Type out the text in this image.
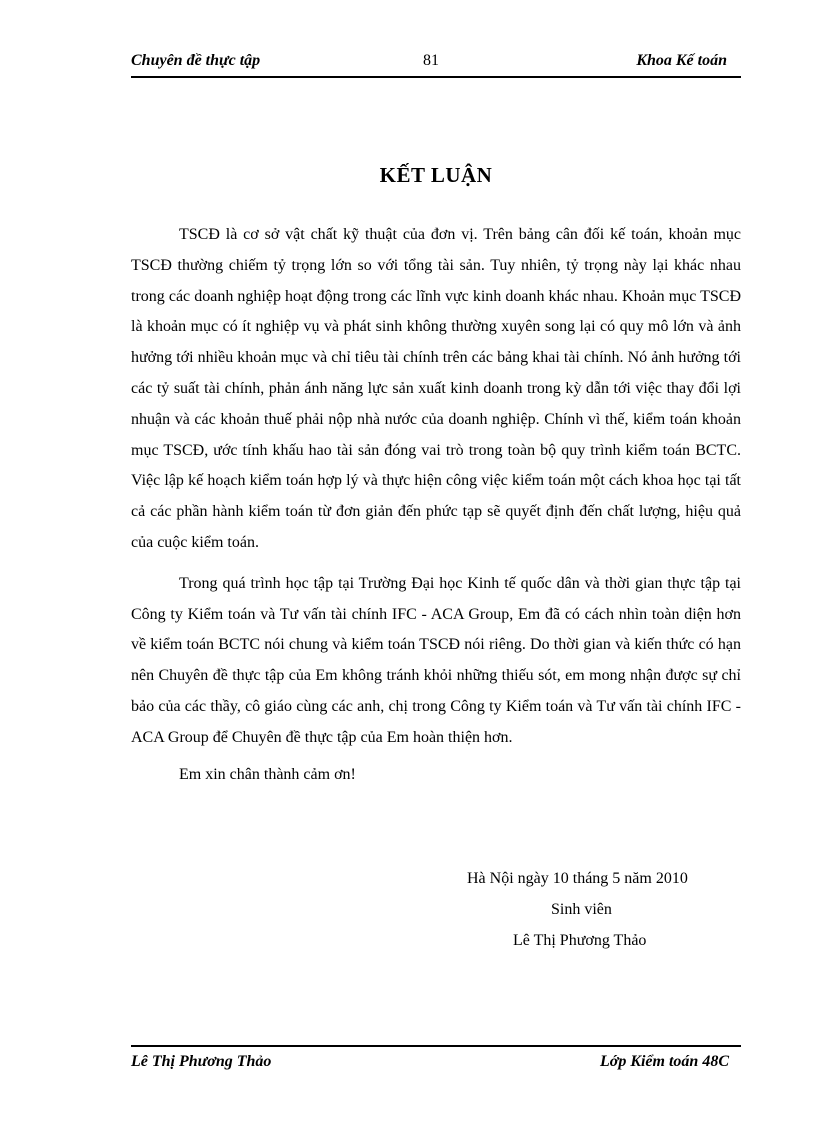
Chuyên đề thực tập	81	Khoa Kế toán
KẾT LUẬN

TSCĐ là cơ sở vật chất kỹ thuật của đơn vị. Trên bảng cân đối kế toán, khoản mục TSCĐ thường chiếm tỷ trọng lớn so với tổng tài sản. Tuy nhiên, tỷ trọng này lại khác nhau trong các doanh nghiệp hoạt động trong các lĩnh vực kinh doanh khác nhau. Khoản mục TSCĐ là khoản mục có ít nghiệp vụ và phát sinh không thường xuyên song lại có quy mô lớn và ảnh hưởng tới nhiều khoản mục và chỉ tiêu tài chính trên các bảng khai tài chính. Nó ảnh hưởng tới các tỷ suất tài chính, phản ánh năng lực sản xuất kinh doanh trong kỳ dẫn tới việc thay đổi lợi nhuận và các khoản thuế phải nộp nhà nước của doanh nghiệp. Chính vì thế, kiểm toán khoản mục TSCĐ, ước tính khấu hao tài sản đóng vai trò trong toàn bộ quy trình kiểm toán BCTC. Việc lập kế hoạch kiểm toán hợp lý và thực hiện công việc kiểm toán một cách khoa học tại tất cả các phần hành kiểm toán từ đơn giản đến phức tạp sẽ quyết định đến chất lượng, hiệu quả của cuộc kiểm toán.

Trong quá trình học tập tại Trường Đại học Kinh tế quốc dân và thời gian thực tập tại Công ty Kiểm toán và Tư vấn tài chính IFC - ACA Group, Em đã có cách nhìn toàn diện hơn về kiểm toán BCTC nói chung và kiểm toán TSCĐ nói riêng. Do thời gian và kiến thức có hạn nên Chuyên đề thực tập của Em không tránh khỏi những thiếu sót, em mong nhận được sự chỉ bảo của các thầy, cô giáo cùng các anh, chị trong Công ty Kiểm toán và Tư vấn tài chính IFC - ACA Group để Chuyên đề thực tập của Em hoàn thiện hơn.

Em xin chân thành cảm ơn!

Hà Nội ngày 10 tháng 5 năm 2010
Sinh viên
Lê Thị Phương Thảo
Lê Thị Phương Thảo	Lớp Kiểm toán 48C
